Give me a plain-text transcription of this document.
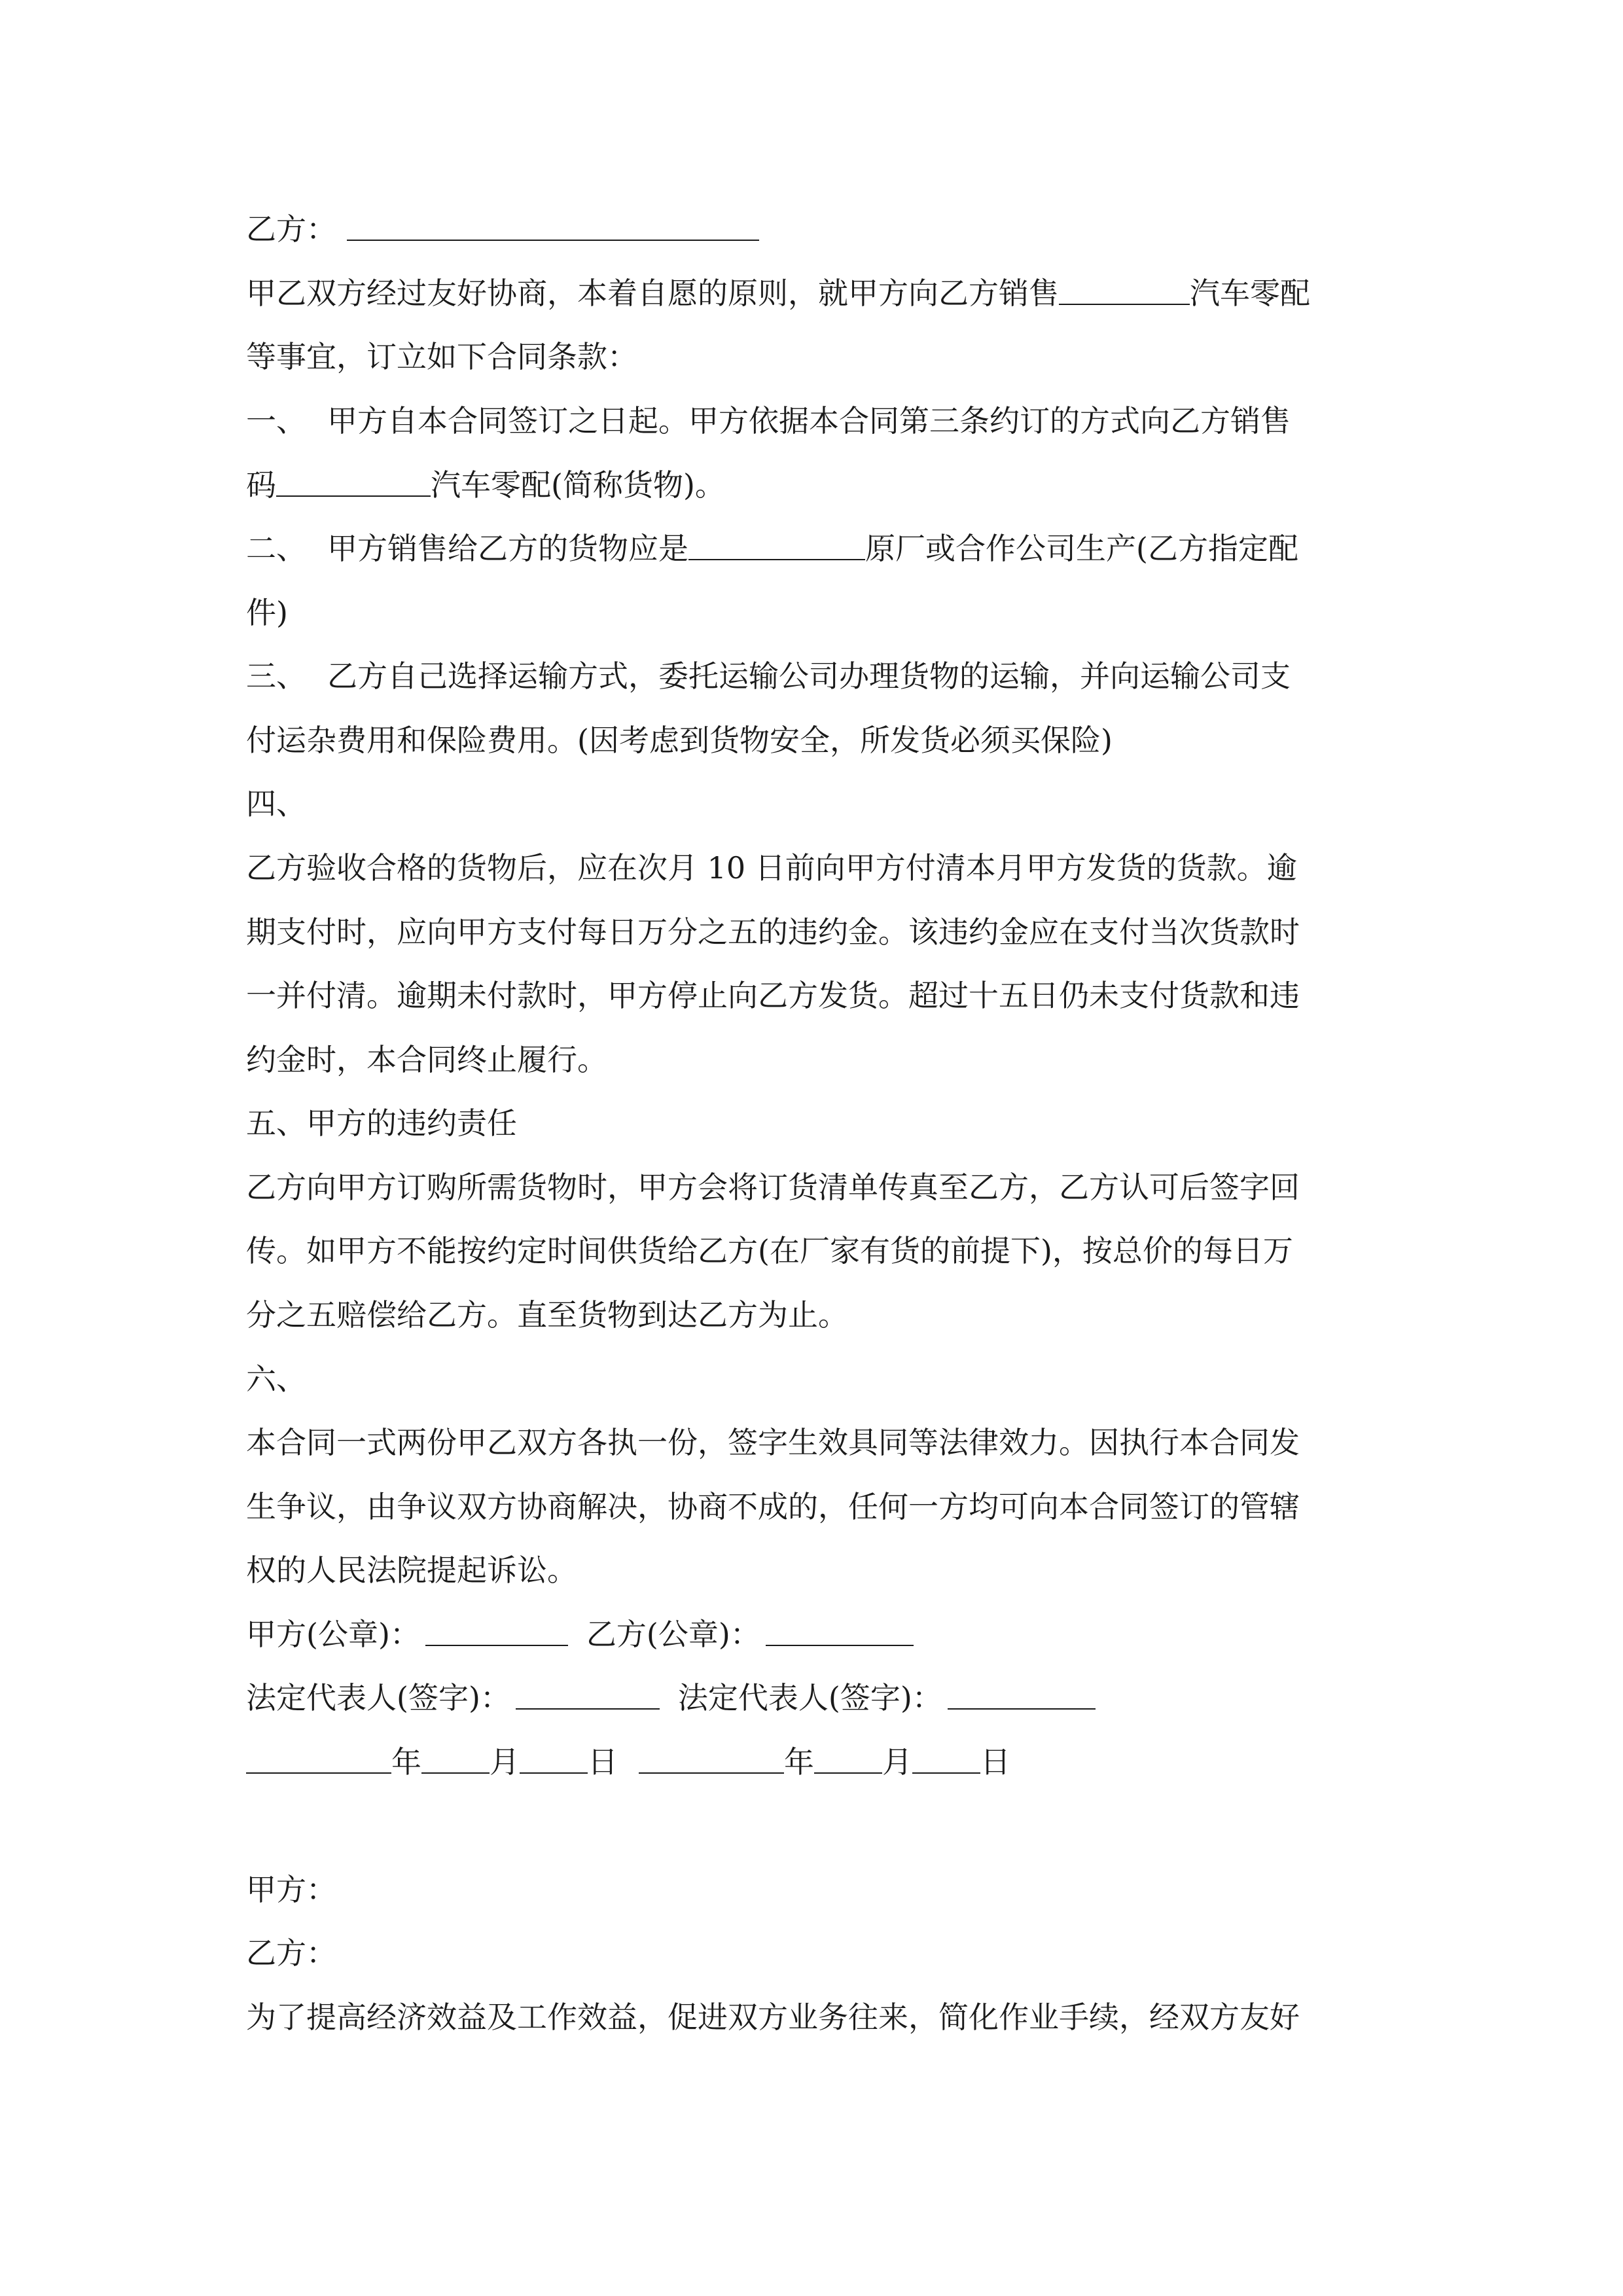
乙方：
甲乙双方经过友好协商，本着自愿的原则，就甲方向乙方销售	汽车零配
等事宜，订立如下合同条款：
一、 甲方自本合同签订之日起。甲方依据本合同第三条约订的方式向乙方销售
码	汽车零配(简称货物)。
二、 甲方销售给乙方的货物应是	原厂或合作公司生产(乙方指定配
件)
三、 乙方自己选择运输方式，委托运输公司办理货物的运输，并向运输公司支
付运杂费用和保险费用。(因考虑到货物安全，所发货必须买保险)
四、
乙方验收合格的货物后，应在次月 10 日前向甲方付清本月甲方发货的货款。逾
期支付时，应向甲方支付每日万分之五的违约金。该违约金应在支付当次货款时
一并付清。逾期未付款时，甲方停止向乙方发货。超过十五日仍未支付货款和违
约金时，本合同终止履行。
五、甲方的违约责任
乙方向甲方订购所需货物时，甲方会将订货清单传真至乙方，乙方认可后签字回
传。如甲方不能按约定时间供货给乙方(在厂家有货的前提下)，按总价的每日万
分之五赔偿给乙方。直至货物到达乙方为止。
六、
本合同一式两份甲乙双方各执一份，签字生效具同等法律效力。因执行本合同发
生争议，由争议双方协商解决，协商不成的，任何一方均可向本合同签订的管辖
权的人民法院提起诉讼。
甲方(公章)：	乙方(公章)：
法定代表人(签字)：	法定代表人(签字)：
年 月 日	年 月 日
甲方：
乙方：
为了提高经济效益及工作效益，促进双方业务往来，简化作业手续，经双方友好
